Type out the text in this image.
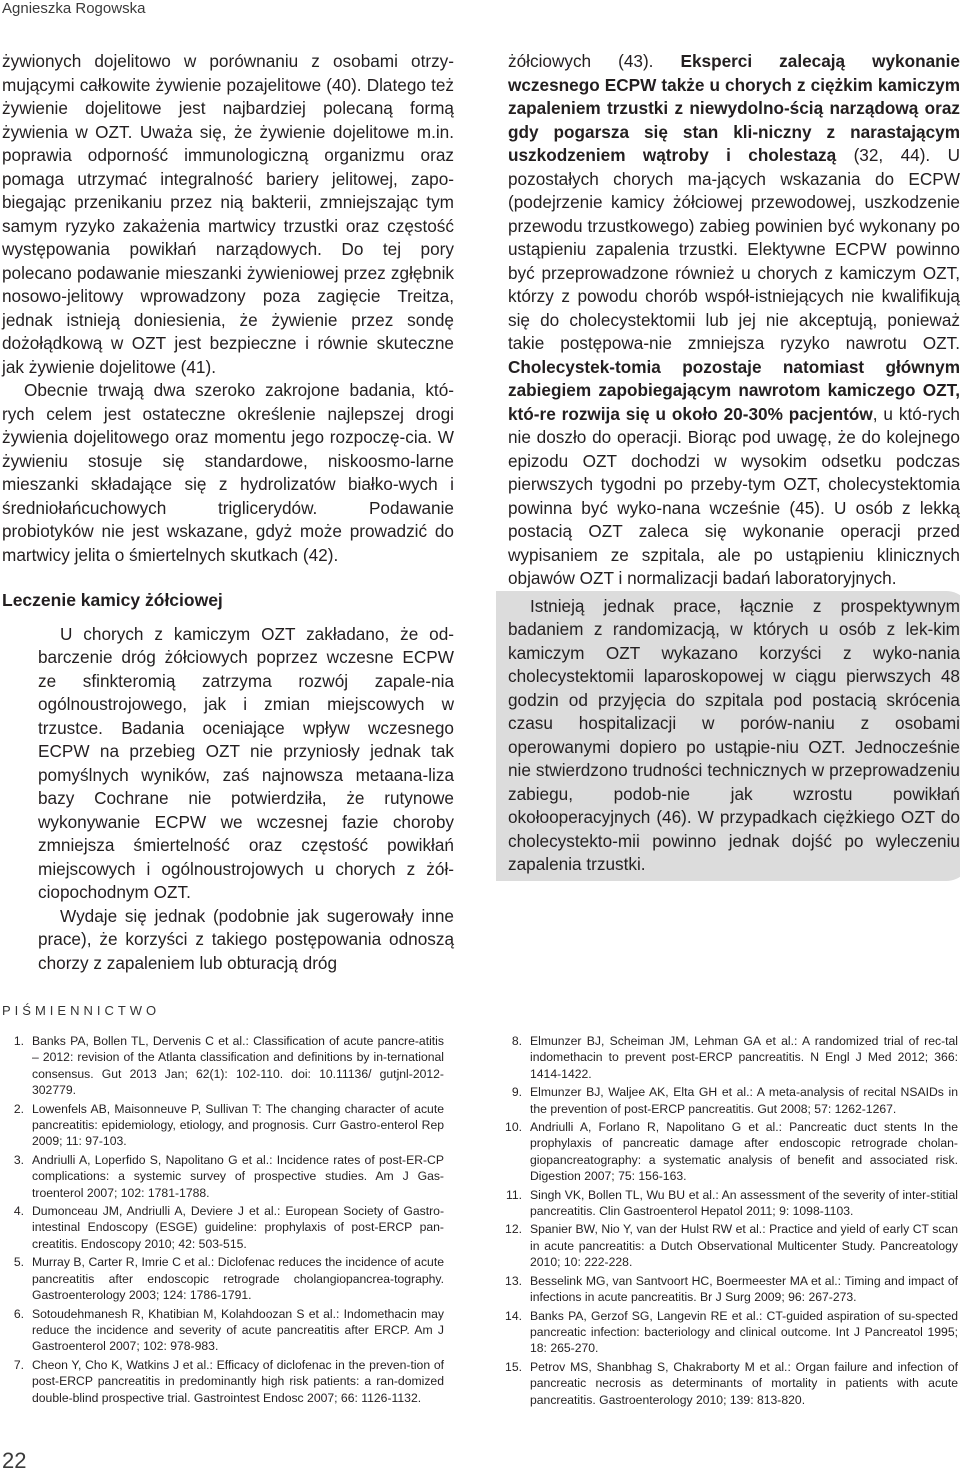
Agnieszka Rogowska

żywionych dojelitowo w porównaniu z osobami otrzy-mującymi całkowite żywienie pozajelitowe (40). Dlatego też żywienie dojelitowe jest najbardziej polecaną formą żywienia w OZT. Uważa się, że żywienie dojelitowe m.in. poprawia odporność immunologiczną organizmu oraz pomaga utrzymać integralność bariery jelitowej, zapo-biegając przenikaniu przez nią bakterii, zmniejszając tym samym ryzyko zakażenia martwicy trzustki oraz częstość występowania powikłań narządowych. Do tej pory polecano podawanie mieszanki żywieniowej przez zgłębnik nosowo-jelitowy wprowadzony poza zagięcie Treitza, jednak istnieją doniesienia, że żywienie przez sondę dożołądkową w OZT jest bezpieczne i równie skuteczne jak żywienie dojelitowe (41).

Obecnie trwają dwa szeroko zakrojone badania, któ-rych celem jest ostateczne określenie najlepszej drogi żywienia dojelitowego oraz momentu jego rozpoczę-cia. W żywieniu stosuje się standardowe, niskoosmo-larne mieszanki składające się z hydrolizatów białko-wych i średniołańcuchowych triglicerydów. Podawanie probiotyków nie jest wskazane, gdyż może prowadzić do martwicy jelita o śmiertelnych skutkach (42).

Leczenie kamicy żółciowej

U chorych z kamiczym OZT zakładano, że od-barczenie dróg żółciowych poprzez wczesne ECPW ze sfinkteromią zatrzyma rozwój zapale-nia ogólnoustrojowego, jak i zmian miejscowych w trzustce. Badania oceniające wpływ wczesnego ECPW na przebieg OZT nie przyniosły jednak tak pomyślnych wyników, zaś najnowsza metaana-liza bazy Cochrane nie potwierdziła, że rutynowe wykonywanie ECPW we wczesnej fazie choroby zmniejsza śmiertelność oraz częstość powikłań miejscowych i ogólnoustrojowych u chorych z żół-ciopochodnym OZT.

Wydaje się jednak (podobnie jak sugerowały inne prace), że korzyści z takiego postępowania odnoszą chorzy z zapaleniem lub obturacją dróg

żółciowych (43). Eksperci zalecają wykonanie wczesnego ECPW także u chorych z ciężkim kamiczym zapaleniem trzustki z niewydolno-ścią narządową oraz gdy pogarsza się stan kli-niczny z narastającym uszkodzeniem wątroby i cholestazą (32, 44). U pozostałych chorych ma-jących wskazania do ECPW (podejrzenie kamicy żółciowej przewodowej, uszkodzenie przewodu trzustkowego) zabieg powinien być wykonany po ustąpieniu zapalenia trzustki. Elektywne ECPW powinno być przeprowadzone również u chorych z kamiczym OZT, którzy z powodu chorób współ-istniejących nie kwalifikują się do cholecystektomii lub jej nie akceptują, ponieważ takie postępowa-nie zmniejsza ryzyko nawrotu OZT. Cholecystek-tomia pozostaje natomiast głównym zabiegiem zapobiegającym nawrotom kamiczego OZT, któ-re rozwija się u około 20-30% pacjentów, u któ-rych nie doszło do operacji. Biorąc pod uwagę, że do kolejnego epizodu OZT dochodzi w wysokim odsetku podczas pierwszych tygodni po przeby-tym OZT, cholecystektomia powinna być wyko-nana wcześnie (45). U osób z lekką postacią OZT zaleca się wykonanie operacji przed wypisaniem ze szpitala, ale po ustąpieniu klinicznych objawów OZT i normalizacji badań laboratoryjnych.

Istnieją jednak prace, łącznie z prospektywnym badaniem z randomizacją, w których u osób z lek-kim kamiczym OZT wykazano korzyści z wyko-nania cholecystektomii laparoskopowej w ciągu pierwszych 48 godzin od przyjęcia do szpitala pod postacią skrócenia czasu hospitalizacji w porów-naniu z osobami operowanymi dopiero po ustąpie-niu OZT. Jednocześnie nie stwierdzono trudności technicznych w przeprowadzeniu zabiegu, podob-nie jak wzrostu powikłań okołooperacyjnych (46). W przypadkach ciężkiego OZT do cholecystekto-mii powinno jednak dojść po wyleczeniu zapalenia trzustki.

PIŚMIENNICTWO
1. Banks PA, Bollen TL, Dervenis C et al.: Classification of acute pancre-atitis – 2012: revision of the Atlanta classification and definitions by in-ternational consensus. Gut 2013 Jan; 62(1): 102-110. doi: 10.11136/ gutjnl-2012-302779.
2. Lowenfels AB, Maisonneuve P, Sullivan T: The changing character of acute pancreatitis: epidemiology, etiology, and prognosis. Curr Gastro-enterol Rep 2009; 11: 97-103.
3. Andriulli A, Loperfido S, Napolitano G et al.: Incidence rates of post-ER-CP complications: a systemic survey of prospective studies. Am J Gas-troenterol 2007; 102: 1781-1788.
4. Dumonceau JM, Andriulli A, Deviere J et al.: European Society of Gastro-intestinal Endoscopy (ESGE) guideline: prophylaxis of post-ERCP pan-creatitis. Endoscopy 2010; 42: 503-515.
5. Murray B, Carter R, Imrie C et al.: Diclofenac reduces the incidence of acute pancreatitis after endoscopic retrograde cholangiopancrea-tography. Gastroenterology 2003; 124: 1786-1791.
6. Sotoudehmanesh R, Khatibian M, Kolahdoozan S et al.: Indomethacin may reduce the incidence and severity of acute pancreatitis after ERCP. Am J Gastroenterol 2007; 102: 978-983.
7. Cheon Y, Cho K, Watkins J et al.: Efficacy of diclofenac in the preven-tion of post-ERCP pancreatitis in predominantly high risk patients: a ran-domized double-blind prospective trial. Gastrointest Endosc 2007; 66: 1126-1132.
8. Elmunzer BJ, Scheiman JM, Lehman GA et al.: A randomized trial of rec-tal indomethacin to prevent post-ERCP pancreatitis. N Engl J Med 2012; 366: 1414-1422.
9. Elmunzer BJ, Waljee AK, Elta GH et al.: A meta-analysis of recital NSAIDs in the prevention of post-ERCP pancreatitis. Gut 2008; 57: 1262-1267.
10. Andriulli A, Forlano R, Napolitano G et al.: Pancreatic duct stents In the prophylaxis of pancreatic damage after endoscopic retrograde cholan-giopancreatography: a systematic analysis of benefit and associated risk. Digestion 2007; 75: 156-163.
11. Singh VK, Bollen TL, Wu BU et al.: An assessment of the severity of inter-stitial pancreatitis. Clin Gastroenterol Hepatol 2011; 9: 1098-1103.
12. Spanier BW, Nio Y, van der Hulst RW et al.: Practice and yield of early CT scan in acute pancreatitis: a Dutch Observational Multicenter Study. Pancreatology 2010; 10: 222-228.
13. Besselink MG, van Santvoort HC, Boermeester MA et al.: Timing and impact of infections in acute pancreatitis. Br J Surg 2009; 96: 267-273.
14. Banks PA, Gerzof SG, Langevin RE et al.: CT-guided aspiration of su-spected pancreatic infection: bacteriology and clinical outcome. Int J Pancreatol 1995; 18: 265-270.
15. Petrov MS, Shanbhag S, Chakraborty M et al.: Organ failure and infection of pancreatic necrosis as determinants of mortality in patients with acute pancreatitis. Gastroenterology 2010; 139: 813-820.
22
